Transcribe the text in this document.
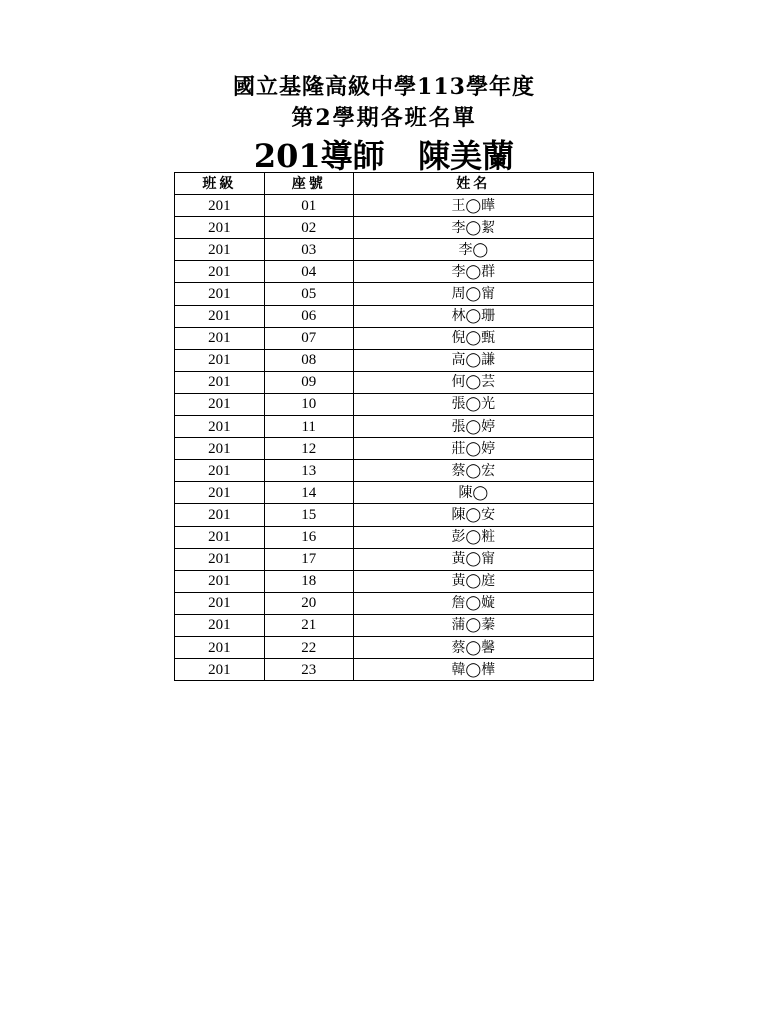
國立基隆高級中學113學年度
第2學期各班名單
201導師   陳美蘭
班級	座號	姓名
201	01	王◯曄
201	02	李◯絜
201	03	李◯
201	04	李◯群
201	05	周◯甯
201	06	林◯珊
201	07	倪◯甄
201	08	高◯謙
201	09	何◯芸
201	10	張◯光
201	11	張◯婷
201	12	莊◯婷
201	13	蔡◯宏
201	14	陳◯
201	15	陳◯安
201	16	彭◯粧
201	17	黃◯甯
201	18	黃◯庭
201	20	詹◯嫙
201	21	蒲◯蓁
201	22	蔡◯馨
201	23	韓◯樺
